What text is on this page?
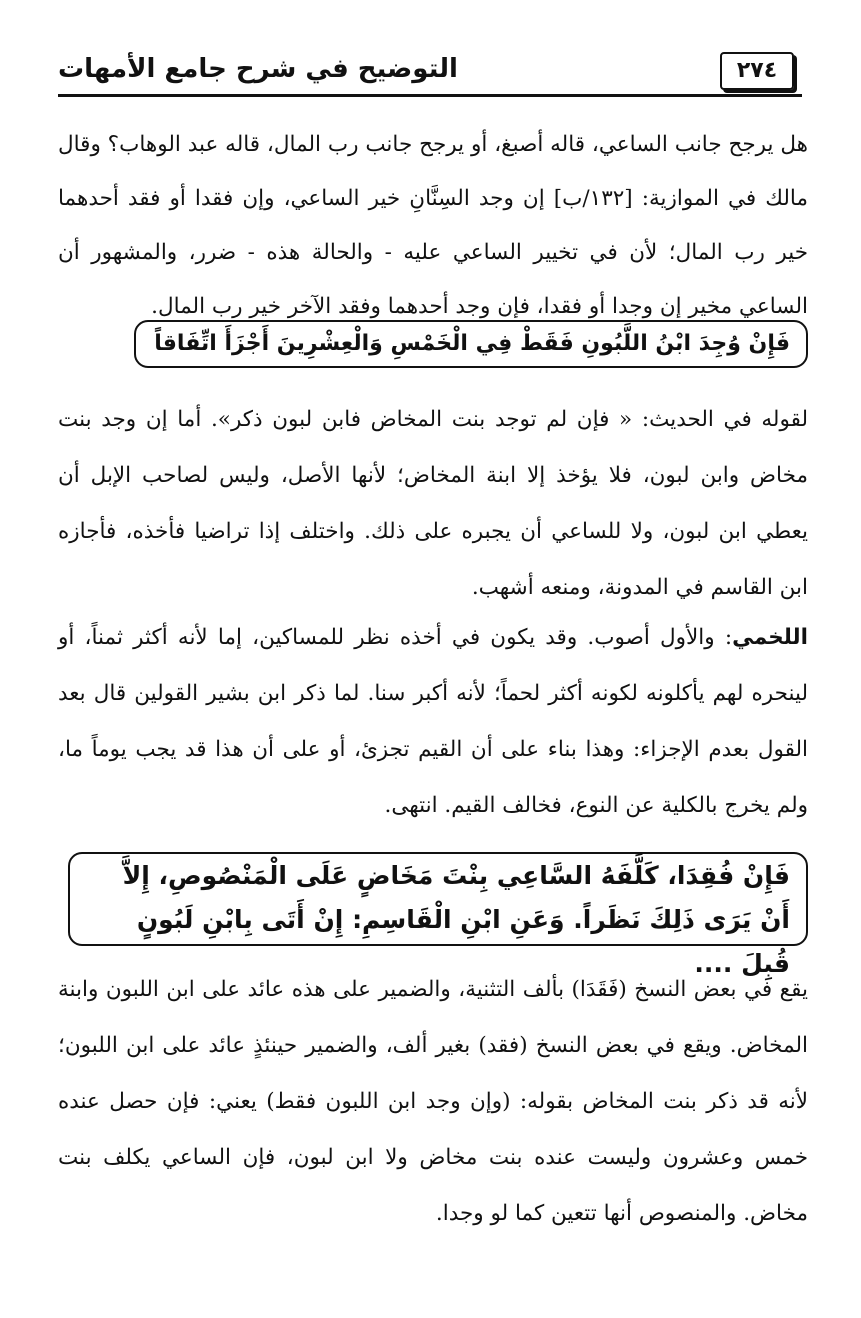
التوضيح في شرح جامع الأمهات	٢٧٤
هل يرجح جانب الساعي، قاله أصبغ، أو يرجح جانب رب المال، قاله عبد الوهاب؟ وقال مالك في الموازية: [١٣٢/ب] إن وجد السِنَّانِ خير الساعي، وإن فقدا أو فقد أحدهما خير رب المال؛ لأن في تخيير الساعي عليه - والحالة هذه - ضرر، والمشهور أن الساعي مخير إن وجدا أو فقدا، فإن وجد أحدهما وفقد الآخر خير رب المال.
فَإِنْ وُجِدَ ابْنُ اللَّبُونِ فَقَطْ فِي الْخَمْسِ وَالْعِشْرِينَ أَجْزَأَ اتِّفَاقاً
لقوله في الحديث: « فإن لم توجد بنت المخاض فابن لبون ذكر». أما إن وجد بنت مخاض وابن لبون، فلا يؤخذ إلا ابنة المخاض؛ لأنها الأصل، وليس لصاحب الإبل أن يعطي ابن لبون، ولا للساعي أن يجبره على ذلك. واختلف إذا تراضيا فأخذه، فأجازه ابن القاسم في المدونة، ومنعه أشهب.
اللخمي: والأول أصوب. وقد يكون في أخذه نظر للمساكين، إما لأنه أكثر ثمناً، أو لينحره لهم يأكلونه لكونه أكثر لحماً؛ لأنه أكبر سنا. لما ذكر ابن بشير القولين قال بعد القول بعدم الإجزاء: وهذا بناء على أن القيم تجزئ، أو على أن هذا قد يجب يوماً ما، ولم يخرج بالكلية عن النوع، فخالف القيم. انتهى.
فَإِنْ فُقِدَا، كَلَّفَهُ السَّاعِي بِنْتَ مَخَاضٍ عَلَى الْمَنْصُوصِ، إِلاَّ أَنْ يَرَى ذَلِكَ نَظَراً. وَعَنِ ابْنِ الْقَاسِمِ: إِنْ أَتَى بِابْنِ لَبُونٍ قُبِلَ ....
يقع في بعض النسخ (فَقَدَا) بألف التثنية، والضمير على هذه عائد على ابن اللبون وابنة المخاض. ويقع في بعض النسخ (فقد) بغير ألف، والضمير حينئذٍ عائد على ابن اللبون؛ لأنه قد ذكر بنت المخاض بقوله: (وإن وجد ابن اللبون فقط) يعني: فإن حصل عنده خمس وعشرون وليست عنده بنت مخاض ولا ابن لبون، فإن الساعي يكلف بنت مخاض. والمنصوص أنها تتعين كما لو وجدا.
